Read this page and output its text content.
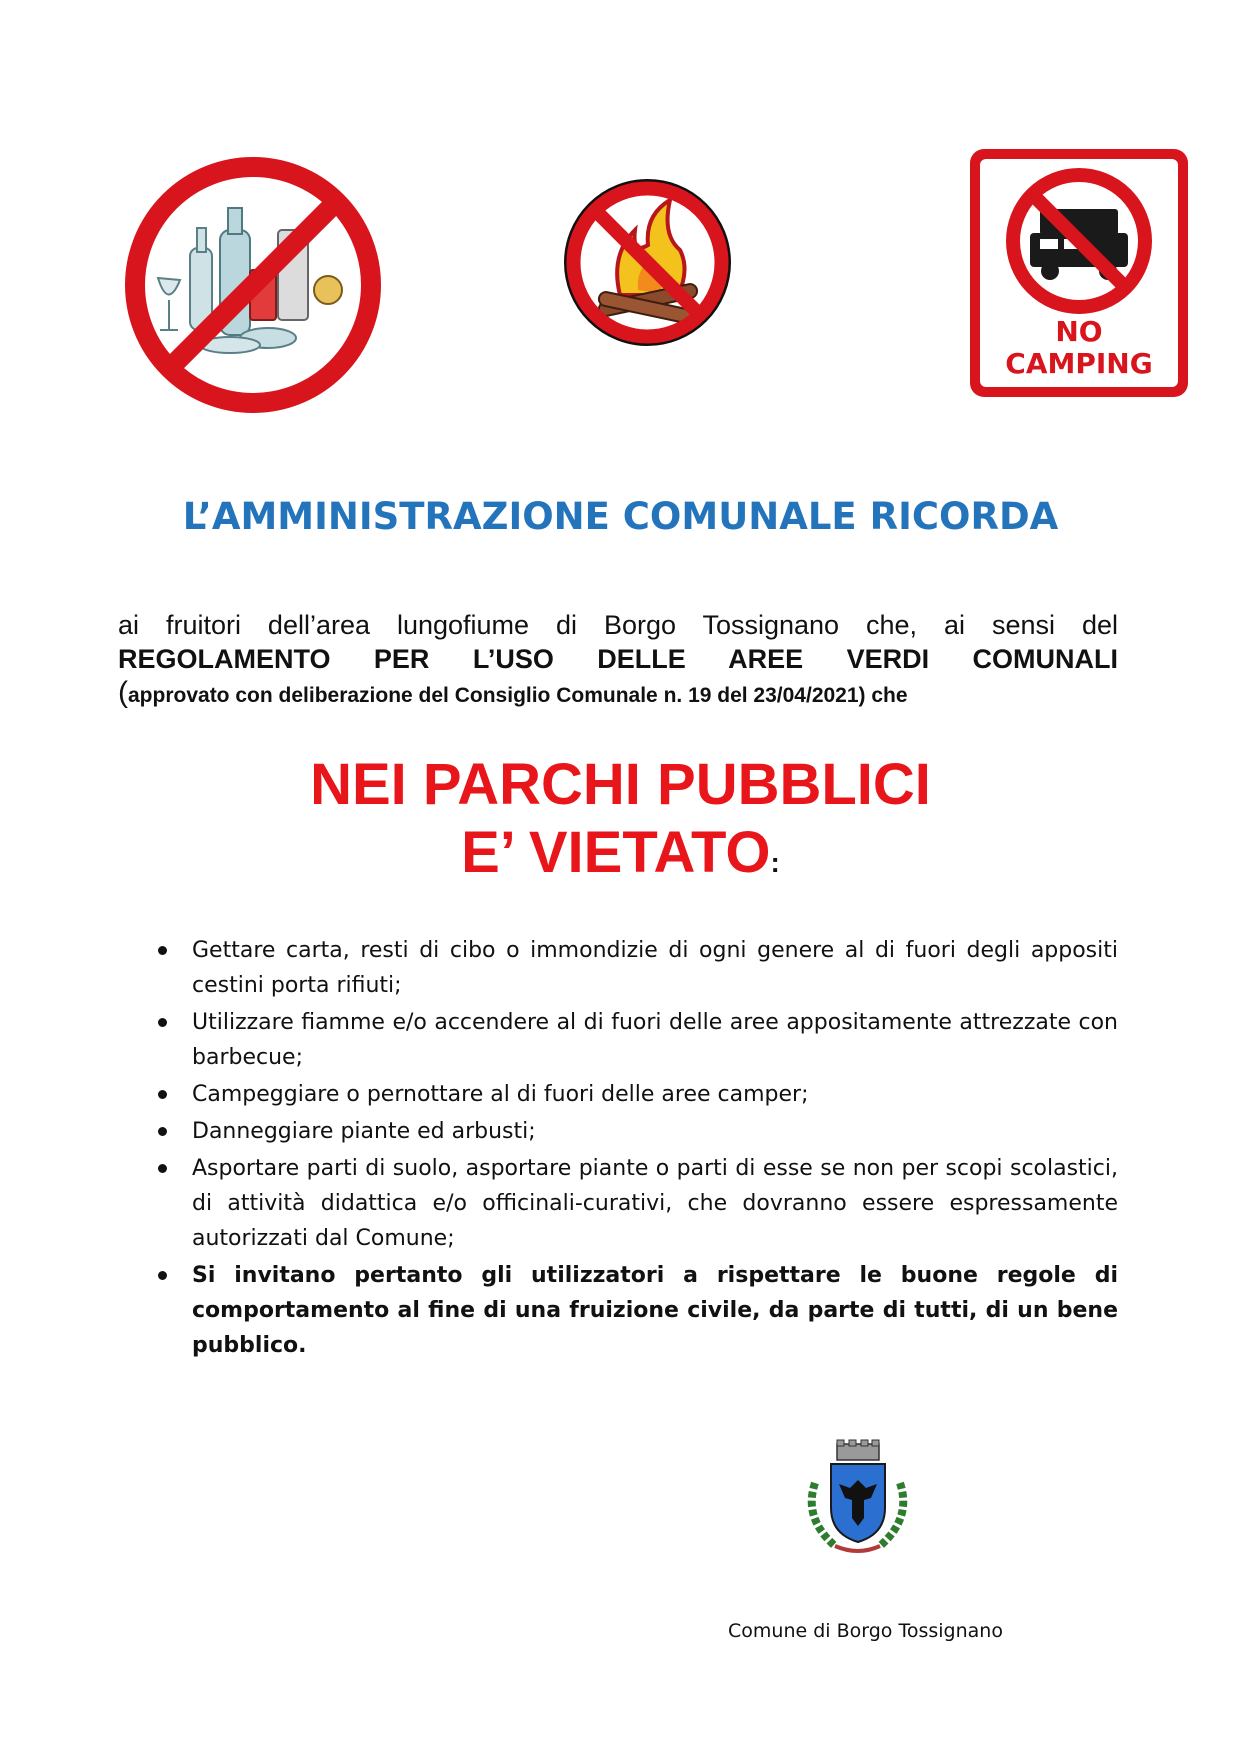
NO
CAMPING
L’AMMINISTRAZIONE COMUNALE RICORDA
ai fruitori dell’area lungofiume di Borgo Tossignano che, ai sensi del
REGOLAMENTO PER L’USO DELLE AREE VERDI COMUNALI
(approvato con deliberazione del Consiglio Comunale n. 19 del 23/04/2021) che
NEI PARCHI PUBBLICI
E’ VIETATO:
Gettare carta, resti di cibo o immondizie di ogni genere al di fuori degli appositi cestini porta rifiuti;
Utilizzare fiamme e/o accendere al di fuori delle aree appositamente attrezzate con barbecue;
Campeggiare o pernottare al di fuori delle aree camper;
Danneggiare piante ed arbusti;
Asportare parti di suolo, asportare piante o parti di esse se non per scopi scolastici, di attività didattica e/o officinali-curativi, che dovranno essere espressamente autorizzati dal Comune;
Si invitano pertanto gli utilizzatori a rispettare le buone regole di comportamento al fine di una fruizione civile, da parte di tutti, di un bene pubblico.
Comune di Borgo Tossignano
